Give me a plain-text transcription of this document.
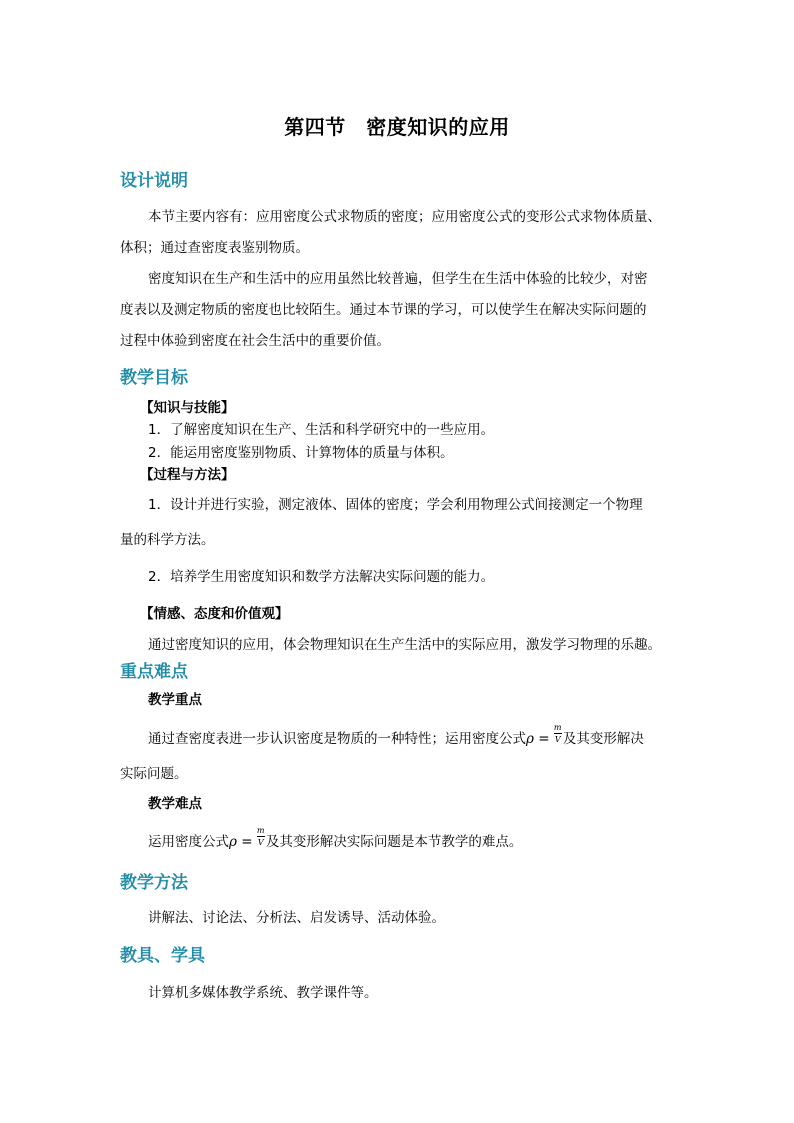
第四节　密度知识的应用
设计说明
本节主要内容有：应用密度公式求物质的密度；应用密度公式的变形公式求物体质量、
体积；通过查密度表鉴别物质。
密度知识在生产和生活中的应用虽然比较普遍，但学生在生活中体验的比较少，对密
度表以及测定物质的密度也比较陌生。通过本节课的学习，可以使学生在解决实际问题的
过程中体验到密度在社会生活中的重要价值。
教学目标
【知识与技能】
1．了解密度知识在生产、生活和科学研究中的一些应用。
2．能运用密度鉴别物质、计算物体的质量与体积。
【过程与方法】
1．设计并进行实验，测定液体、固体的密度；学会利用物理公式间接测定一个物理
量的科学方法。
2．培养学生用密度知识和数学方法解决实际问题的能力。
【情感、态度和价值观】
通过密度知识的应用，体会物理知识在生产生活中的实际应用，激发学习物理的乐趣。
重点难点
教学重点
通过查密度表进一步认识密度是物质的一种特性；运用密度公式$\rho = \frac{m}{V}$ 及其变形解决
实际问题。
教学难点
运用密度公式$\rho = \frac{m}{V}$ 及其变形解决实际问题是本节教学的难点。
教学方法
讲解法、讨论法、分析法、启发诱导、活动体验。
教具、学具
计算机多媒体教学系统、教学课件等。
